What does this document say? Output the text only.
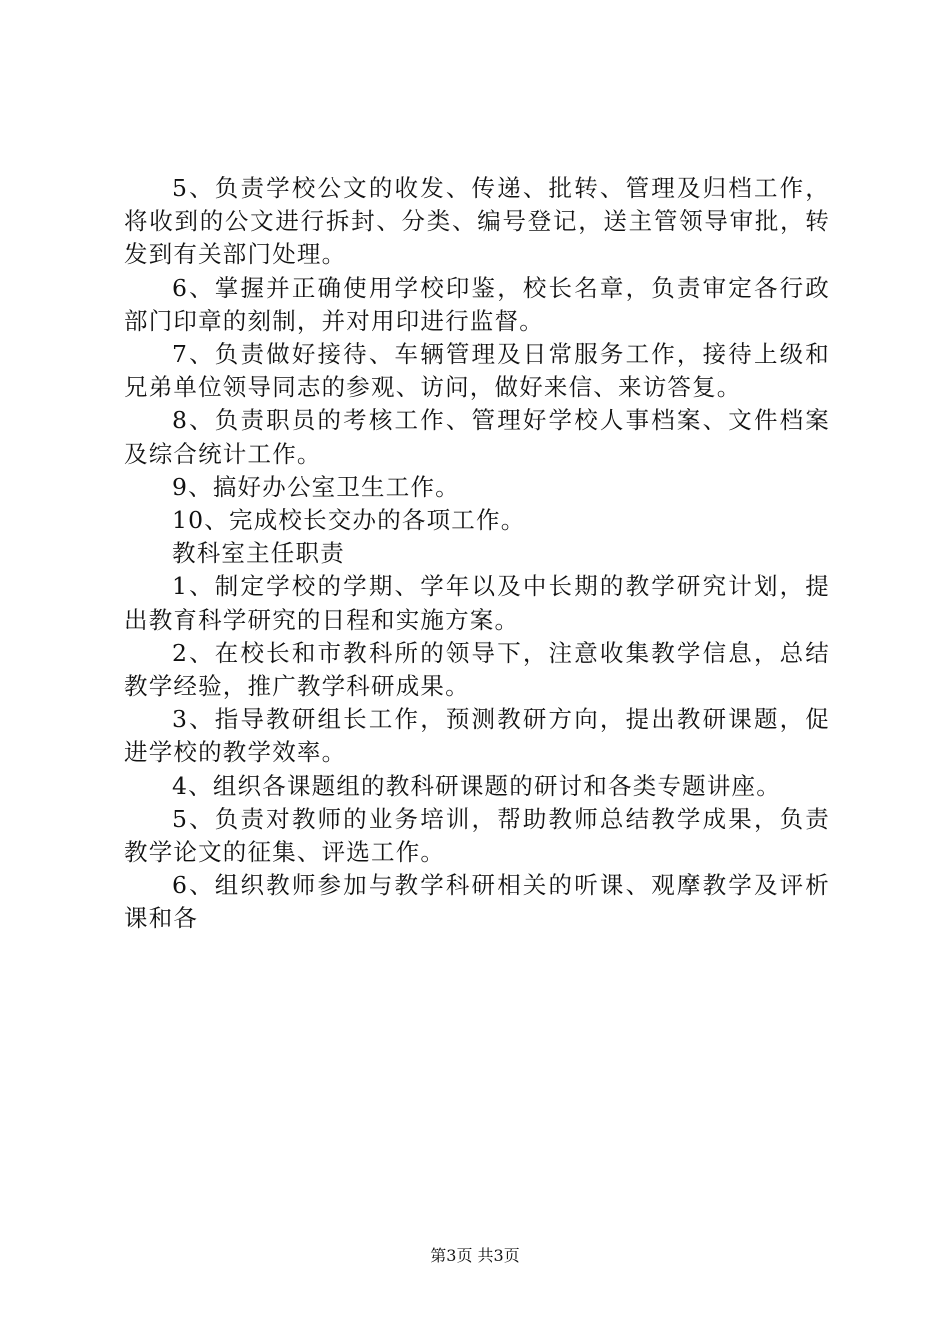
5、负责学校公文的收发、传递、批转、管理及归档工作，将收到的公文进行拆封、分类、编号登记，送主管领导审批，转发到有关部门处理。

6、掌握并正确使用学校印鉴，校长名章，负责审定各行政部门印章的刻制，并对用印进行监督。

7、负责做好接待、车辆管理及日常服务工作，接待上级和兄弟单位领导同志的参观、访问，做好来信、来访答复。

8、负责职员的考核工作、管理好学校人事档案、文件档案及综合统计工作。

9、搞好办公室卫生工作。

10、完成校长交办的各项工作。

教科室主任职责

1、制定学校的学期、学年以及中长期的教学研究计划，提出教育科学研究的日程和实施方案。

2、在校长和市教科所的领导下，注意收集教学信息，总结教学经验，推广教学科研成果。

3、指导教研组长工作，预测教研方向，提出教研课题，促进学校的教学效率。

4、组织各课题组的教科研课题的研讨和各类专题讲座。

5、负责对教师的业务培训，帮助教师总结教学成果，负责教学论文的征集、评选工作。

6、组织教师参加与教学科研相关的听课、观摩教学及评析课和各

第3页 共3页
